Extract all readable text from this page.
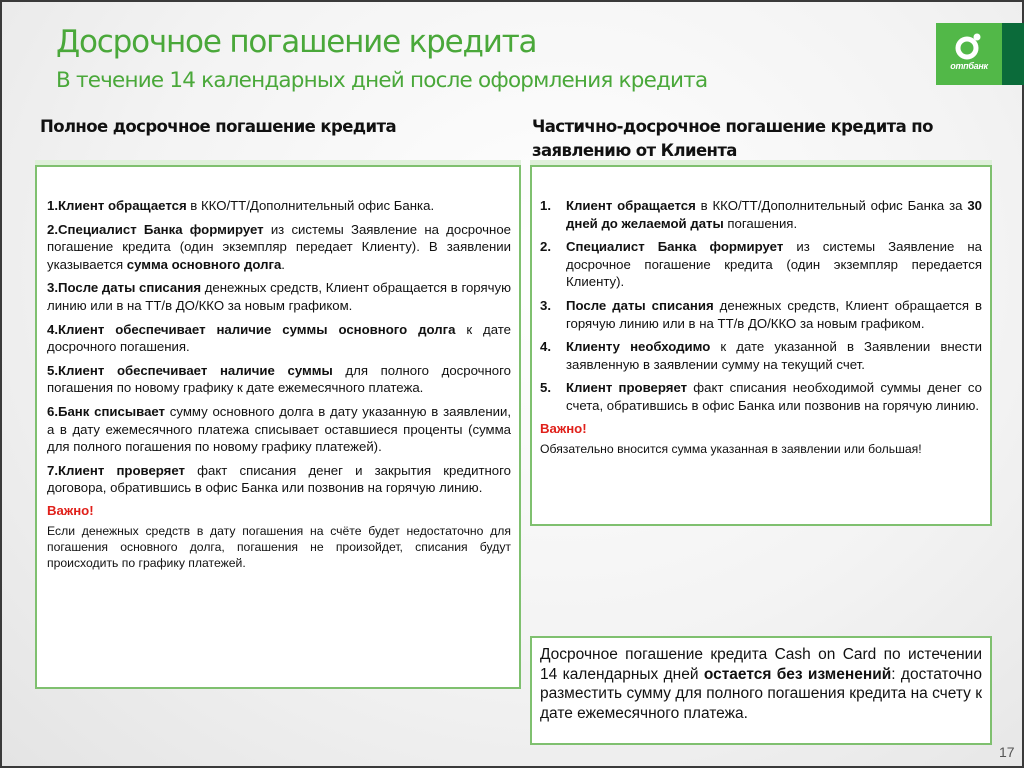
Досрочное погашение кредита
В течение 14 календарных дней после оформления кредита
отпбанк
Полное досрочное погашение кредита	Частично-досрочное погашение кредита по заявлению от Клиента
1.Клиент обращается в ККО/ТТ/Дополнительный офис Банка.
2.Специалист Банка формирует из системы Заявление на досрочное погашение кредита (один экземпляр передает Клиенту). В заявлении указывается сумма основного долга.
3.После даты списания денежных средств, Клиент обращается в горячую линию или в на ТТ/в ДО/ККО за новым графиком.
4.Клиент обеспечивает наличие суммы основного долга к дате досрочного погашения.
5.Клиент обеспечивает наличие суммы для полного досрочного погашения по новому графику к дате ежемесячного платежа.
6.Банк списывает сумму основного долга в дату указанную в заявлении, а в дату ежемесячного платежа списывает оставшиеся проценты (сумма для полного погашения по новому графику платежей).
7.Клиент проверяет факт списания денег и закрытия кредитного договора, обратившись в офис Банка или позвонив на горячую линию.
Важно!
Если денежных средств в дату погашения на счёте будет недостаточно для погашения основного долга, погашения не произойдет, списания будут происходить по графику платежей.
1.	Клиент обращается в ККО/ТТ/Дополнительный офис Банка за 30 дней до желаемой даты погашения.
2.	Специалист Банка формирует из системы Заявление на досрочное погашение кредита (один экземпляр передается Клиенту).
3.	После даты списания денежных средств, Клиент обращается в горячую линию или в на ТТ/в ДО/ККО за новым графиком.
4.	Клиенту необходимо к дате указанной в Заявлении внести заявленную в заявлении сумму на текущий счет.
5.	Клиент проверяет факт списания необходимой суммы денег со счета, обратившись в офис Банка или позвонив на горячую линию.
Важно!
Обязательно вносится сумма указанная в заявлении или большая!
Досрочное погашение кредита Cash on Card по истечении 14 календарных дней остается без изменений: достаточно разместить сумму для полного погашения кредита на счету к дате ежемесячного платежа.
17
